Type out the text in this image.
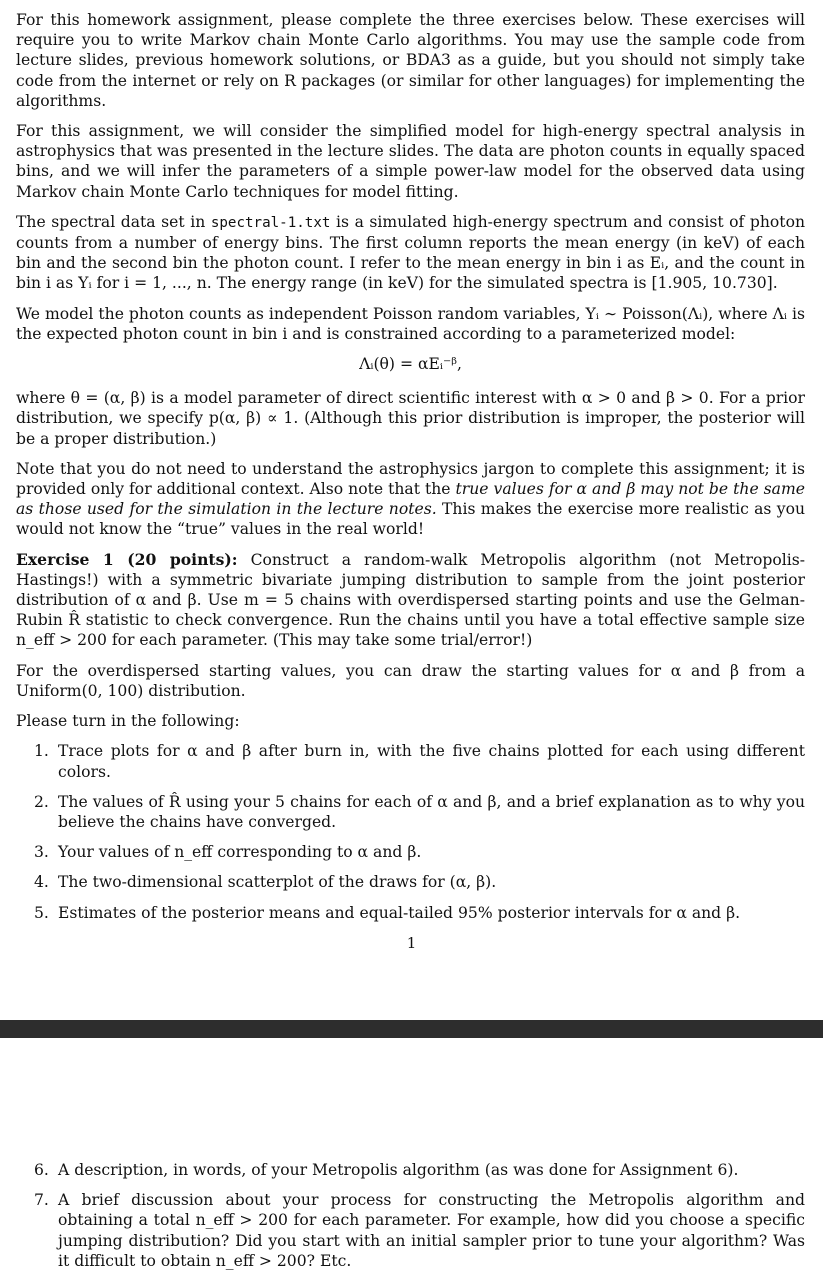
For this homework assignment, please complete the three exercises below. These exercises will require you to write Markov chain Monte Carlo algorithms. You may use the sample code from lecture slides, previous homework solutions, or BDA3 as a guide, but you should not simply take code from the internet or rely on R packages (or similar for other languages) for implementing the algorithms.

For this assignment, we will consider the simplified model for high-energy spectral analysis in astrophysics that was presented in the lecture slides. The data are photon counts in equally spaced bins, and we will infer the parameters of a simple power-law model for the observed data using Markov chain Monte Carlo techniques for model fitting.

The spectral data set in spectral-1.txt is a simulated high-energy spectrum and consist of photon counts from a number of energy bins. The first column reports the mean energy (in keV) of each bin and the second bin the photon count. I refer to the mean energy in bin i as Eᵢ, and the count in bin i as Yᵢ for i = 1, ..., n. The energy range (in keV) for the simulated spectra is [1.905, 10.730].

We model the photon counts as independent Poisson random variables, Yᵢ ∼ Poisson(Λᵢ), where Λᵢ is the expected photon count in bin i and is constrained according to a parameterized model:

Λᵢ(θ) = αEᵢ⁻ᵝ,

where θ = (α, β) is a model parameter of direct scientific interest with α > 0 and β > 0. For a prior distribution, we specify p(α, β) ∝ 1. (Although this prior distribution is improper, the posterior will be a proper distribution.)

Note that you do not need to understand the astrophysics jargon to complete this assignment; it is provided only for additional context. Also note that the true values for α and β may not be the same as those used for the simulation in the lecture notes. This makes the exercise more realistic as you would not know the “true” values in the real world!

Exercise 1 (20 points): Construct a random-walk Metropolis algorithm (not Metropolis-Hastings!) with a symmetric bivariate jumping distribution to sample from the joint posterior distribution of α and β. Use m = 5 chains with overdispersed starting points and use the Gelman-Rubin R̂ statistic to check convergence. Run the chains until you have a total effective sample size n_eff > 200 for each parameter. (This may take some trial/error!)

For the overdispersed starting values, you can draw the starting values for α and β from a Uniform(0, 100) distribution.

Please turn in the following:

1. Trace plots for α and β after burn in, with the five chains plotted for each using different colors.
2. The values of R̂ using your 5 chains for each of α and β, and a brief explanation as to why you believe the chains have converged.
3. Your values of n_eff corresponding to α and β.
4. The two-dimensional scatterplot of the draws for (α, β).
5. Estimates of the posterior means and equal-tailed 95% posterior intervals for α and β.
1
6. A description, in words, of your Metropolis algorithm (as was done for Assignment 6).
7. A brief discussion about your process for constructing the Metropolis algorithm and obtaining a total n_eff > 200 for each parameter. For example, how did you choose a specific jumping distribution? Did you start with an initial sampler prior to tune your algorithm? Was it difficult to obtain n_eff > 200? Etc.
